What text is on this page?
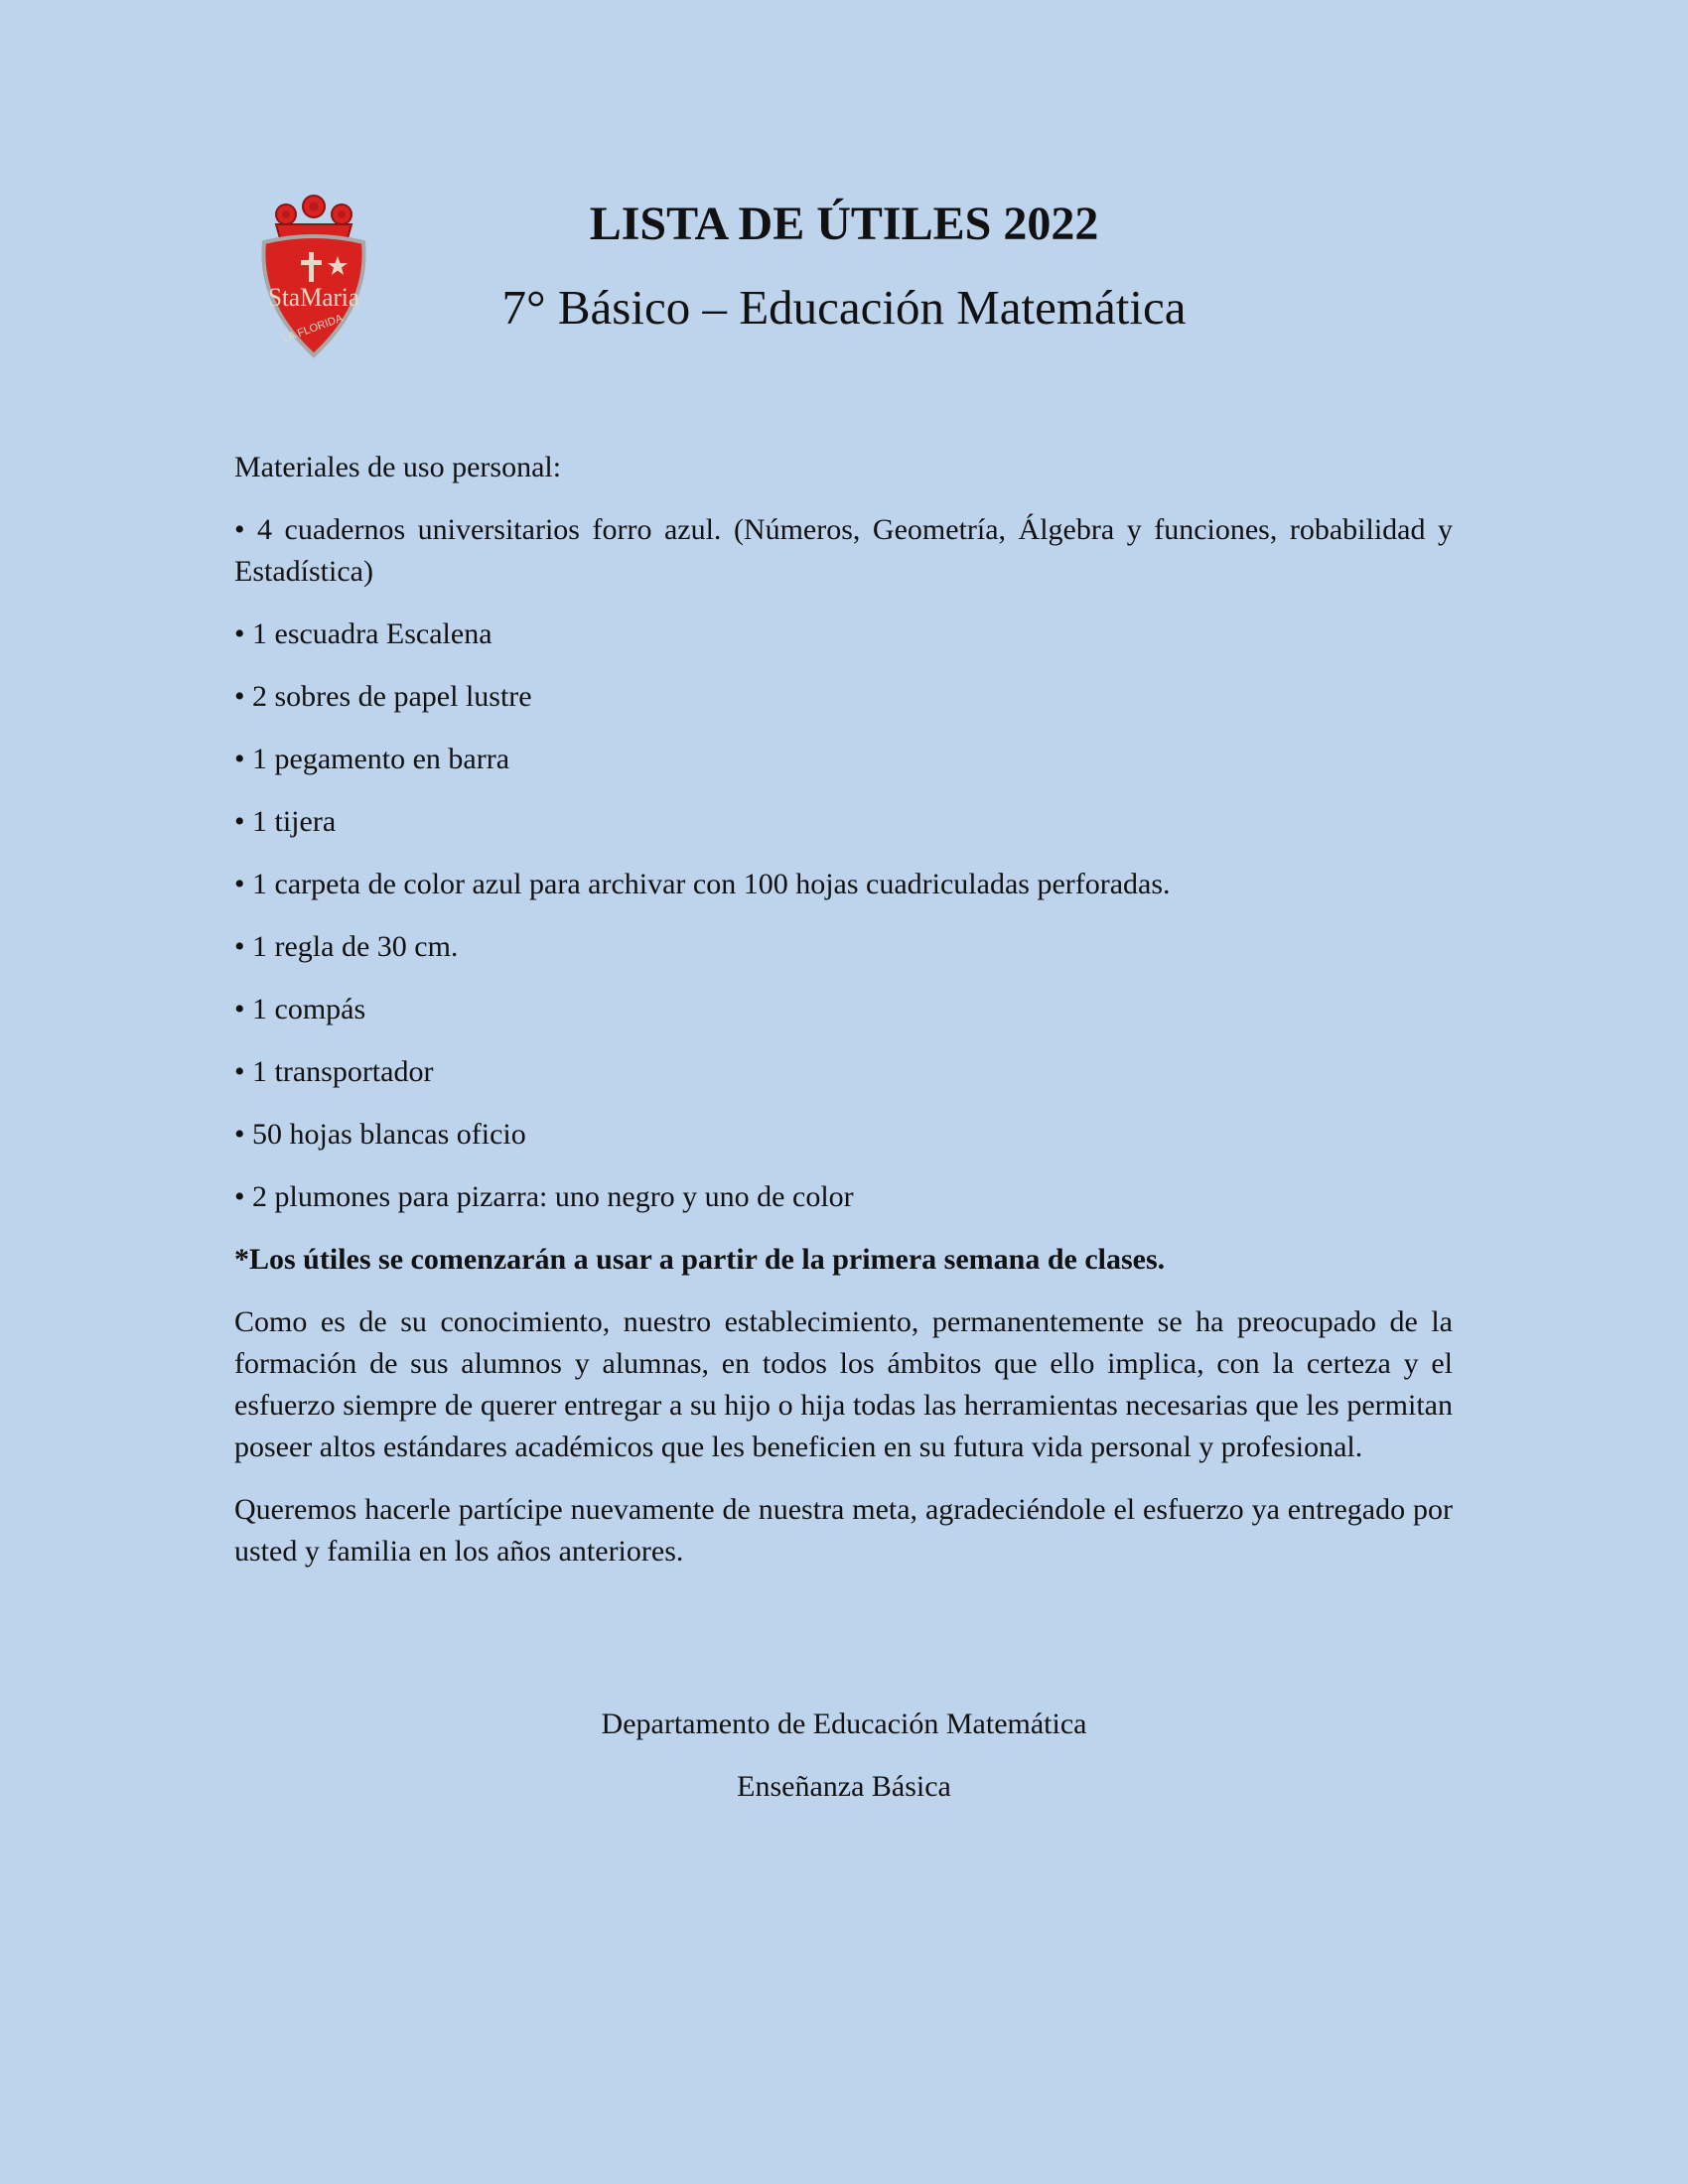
StaMaria
LA FLORIDA
LISTA DE ÚTILES 2022
7° Básico – Educación Matemática
Materiales de uso personal:
• 4 cuadernos universitarios forro azul. (Números, Geometría, Álgebra y funciones, robabilidad y Estadística)
• 1 escuadra Escalena
• 2 sobres de papel lustre
• 1 pegamento en barra
• 1 tijera
• 1 carpeta de color azul para archivar con 100 hojas cuadriculadas perforadas.
• 1 regla de 30 cm.
• 1 compás
• 1 transportador
• 50 hojas blancas oficio
• 2 plumones para pizarra: uno negro y uno de color
*Los útiles se comenzarán a usar a partir de la primera semana de clases.
Como es de su conocimiento, nuestro establecimiento, permanentemente se ha preocupado de la formación de sus alumnos y alumnas, en todos los ámbitos que ello implica, con la certeza y el esfuerzo siempre de querer entregar a su hijo o hija todas las herramientas necesarias que les permitan poseer altos estándares académicos que les beneficien en su futura vida personal y profesional.
Queremos hacerle partícipe nuevamente de nuestra meta, agradeciéndole el esfuerzo ya entregado por usted y familia en los años anteriores.
Departamento de Educación Matemática
Enseñanza Básica
